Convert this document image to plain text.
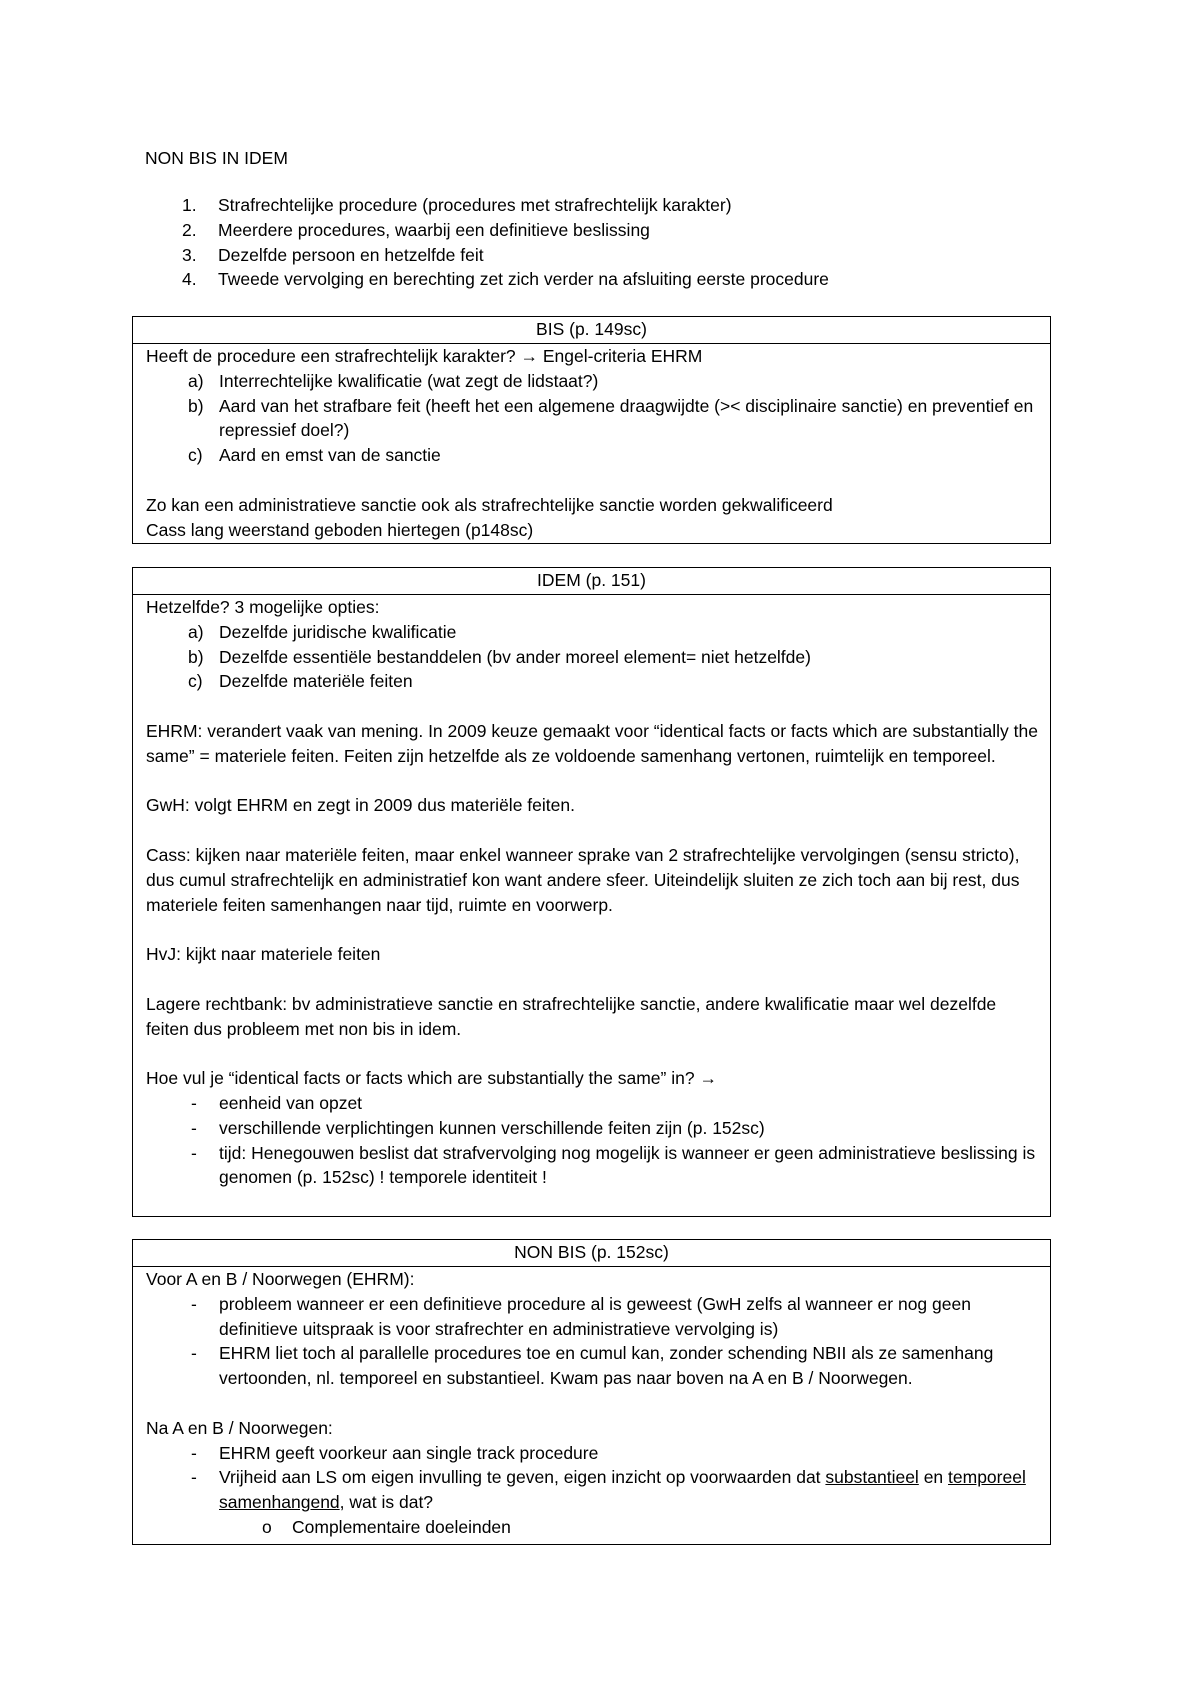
NON BIS IN IDEM
1. Strafrechtelijke procedure (procedures met strafrechtelijk karakter)
2. Meerdere procedures, waarbij een definitieve beslissing
3. Dezelfde persoon en hetzelfde feit
4. Tweede vervolging en berechting zet zich verder na afsluiting eerste procedure
BIS (p. 149sc)
Heeft de procedure een strafrechtelijk karakter? → Engel-criteria EHRM
a) Interrechtelijke kwalificatie (wat zegt de lidstaat?)
b) Aard van het strafbare feit (heeft het een algemene draagwijdte (>< disciplinaire sanctie) en preventief en repressief doel?)
c) Aard en emst van de sanctie
Zo kan een administratieve sanctie ook als strafrechtelijke sanctie worden gekwalificeerd
Cass lang weerstand geboden hiertegen (p148sc)
IDEM (p. 151)
Hetzelfde? 3 mogelijke opties:
a) Dezelfde juridische kwalificatie
b) Dezelfde essentiële bestanddelen (bv ander moreel element= niet hetzelfde)
c) Dezelfde materiële feiten
EHRM: verandert vaak van mening. In 2009 keuze gemaakt voor “identical facts or facts which are substantially the same” = materiele feiten. Feiten zijn hetzelfde als ze voldoende samenhang vertonen, ruimtelijk en temporeel.
GwH: volgt EHRM en zegt in 2009 dus materiële feiten.
Cass: kijken naar materiële feiten, maar enkel wanneer sprake van 2 strafrechtelijke vervolgingen (sensu stricto), dus cumul strafrechtelijk en administratief kon want andere sfeer. Uiteindelijk sluiten ze zich toch aan bij rest, dus materiele feiten samenhangen naar tijd, ruimte en voorwerp.
HvJ: kijkt naar materiele feiten
Lagere rechtbank: bv administratieve sanctie en strafrechtelijke sanctie, andere kwalificatie maar wel dezelfde feiten dus probleem met non bis in idem.
Hoe vul je “identical facts or facts which are substantially the same” in? →
- eenheid van opzet
- verschillende verplichtingen kunnen verschillende feiten zijn (p. 152sc)
- tijd: Henegouwen beslist dat strafvervolging nog mogelijk is wanneer er geen administratieve beslissing is genomen (p. 152sc) ! temporele identiteit !
NON BIS (p. 152sc)
Voor A en B / Noorwegen (EHRM):
- probleem wanneer er een definitieve procedure al is geweest (GwH zelfs al wanneer er nog geen definitieve uitspraak is voor strafrechter en administratieve vervolging is)
- EHRM liet toch al parallelle procedures toe en cumul kan, zonder schending NBII als ze samenhang vertoonden, nl. temporeel en substantieel. Kwam pas naar boven na A en B / Noorwegen.
Na A en B / Noorwegen:
- EHRM geeft voorkeur aan single track procedure
- Vrijheid aan LS om eigen invulling te geven, eigen inzicht op voorwaarden dat substantieel en temporeel samenhangend, wat is dat?
o Complementaire doeleinden
